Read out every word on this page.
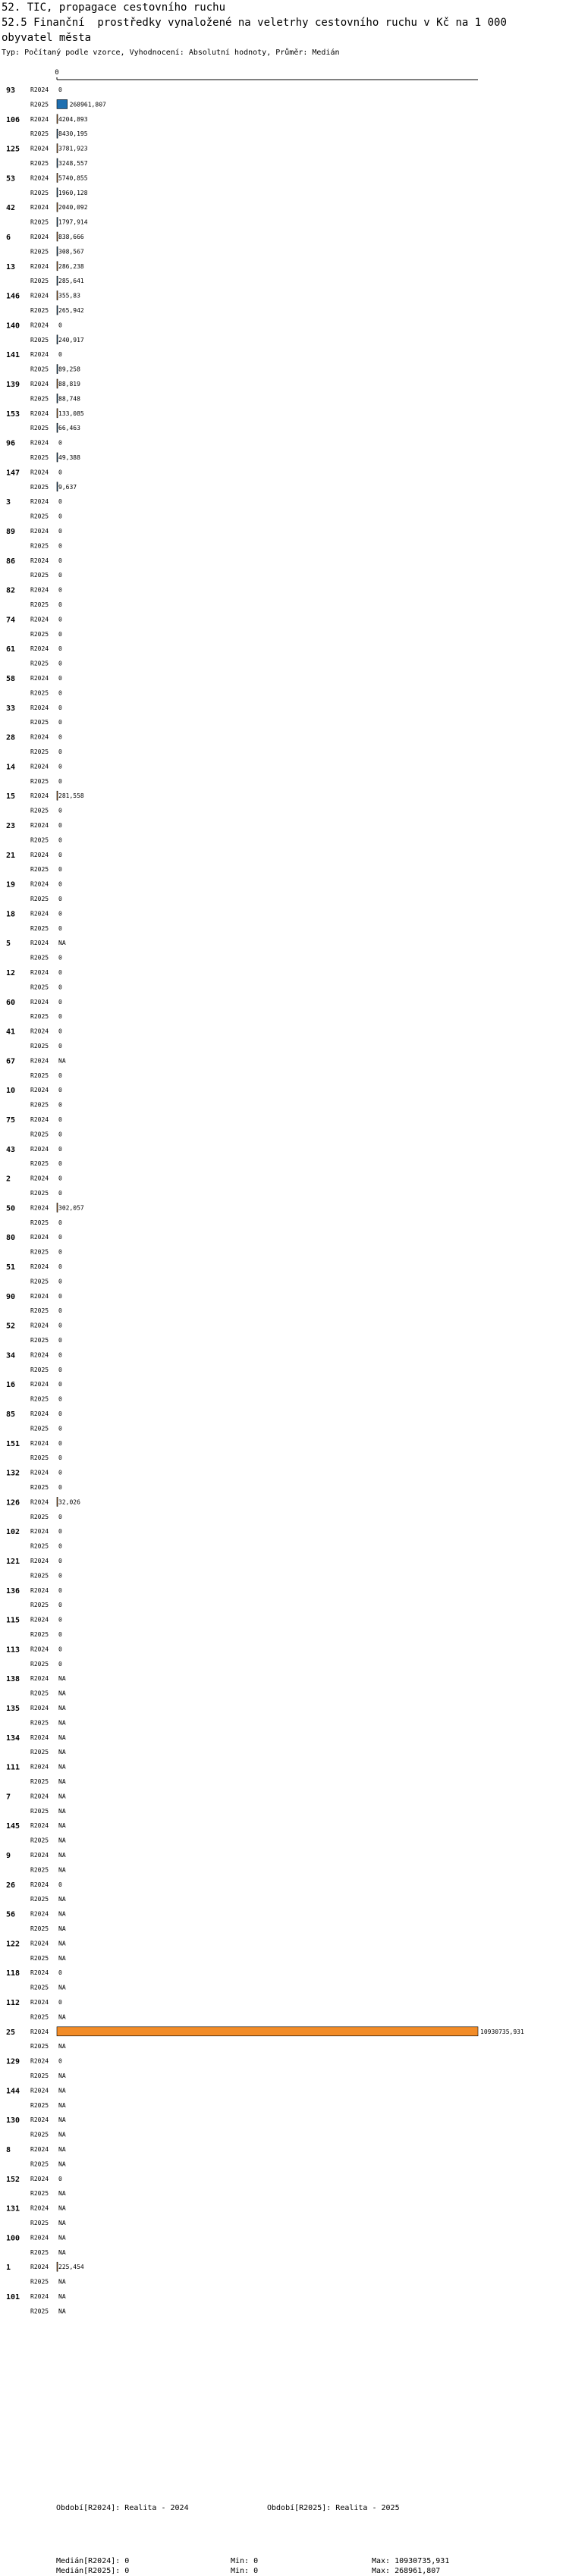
52. TIC, propagace cestovního ruchu
52.5 Finanční  prostředky vynaložené na veletrhy cestovního ruchu v Kč na 1 000 obyvatel města
Typ: Počítaný podle vzorce, Vyhodnocení: Absolutní hodnoty, Průměr: Medián
0
93 R2024 0
R2025	268961,807
106 R2024 4204,893
R2025 8430,195
125 R2024 3781,923
R2025 3248,557
53 R2024 5740,855
R2025 1960,128
42 R2024 2040,092
R2025 1797,914
6	R2024 838,666
R2025 308,567
13 R2024 286,238
R2025 285,641
146 R2024 355,83
R2025 265,942
140 R2024 0
R2025 240,917
141 R2024 0
R2025 89,258
139 R2024 88,819
R2025 88,748
153 R2024 133,085
R2025 66,463
96 R2024 0
R2025 49,388
147 R2024 0
R2025 9,637
3	R2024 0
R2025 0
89 R2024 0
R2025 0
86 R2024 0
R2025 0
82 R2024 0
R2025 0
74 R2024 0
R2025 0
61 R2024 0
R2025 0
58 R2024 0
R2025 0
33 R2024 0
R2025 0
28 R2024 0
R2025 0
14 R2024 0
R2025 0
15 R2024 281,558
R2025 0
23 R2024 0
R2025 0
21 R2024 0
R2025 0
19 R2024 0
R2025 0
18 R2024 0
R2025 0
5	R2024 NA
R2025 0
12 R2024 0
R2025 0
60 R2024 0
R2025 0
41 R2024 0
R2025 0
67 R2024 NA
R2025 0
10 R2024 0
R2025 0
75 R2024 0
R2025 0
43 R2024 0
R2025 0
2	R2024 0
R2025 0
50 R2024 302,057
R2025 0
80 R2024 0
R2025 0
51 R2024 0
R2025 0
90 R2024 0
R2025 0
52 R2024 0
R2025 0
34 R2024 0
R2025 0
16 R2024 0
R2025 0
85 R2024 0
R2025 0
151 R2024 0
R2025 0
132 R2024 0
R2025 0
126 R2024 32,026
R2025 0
102 R2024 0
R2025 0
121 R2024 0
R2025 0
136 R2024 0
R2025 0
115 R2024 0
R2025 0
113 R2024 0
R2025 0
138 R2024 NA
R2025 NA
135 R2024 NA
R2025 NA
134 R2024 NA
R2025 NA
111 R2024 NA
R2025 NA
7	R2024 NA
R2025 NA
145 R2024 NA
R2025 NA
9	R2024 NA
R2025 NA
26 R2024 0
R2025 NA
56 R2024 NA
R2025 NA
122 R2024 NA
R2025 NA
118 R2024 0
R2025 NA
112 R2024 0
R2025 NA
25 R2024	10930735,931
R2025 NA
129 R2024 0
R2025 NA
144 R2024 NA
R2025 NA
130 R2024 NA
R2025 NA
8	R2024 NA
R2025 NA
152 R2024 0
R2025 NA
131 R2024 NA
R2025 NA
100 R2024 NA
R2025 NA
1	R2024 225,454
R2025 NA
101 R2024 NA
R2025 NA
Období[R2024]: Realita - 2024	Období[R2025]: Realita - 2025
Medián[R2024]: 0
Medián[R2025]: 0
Min: 0
Min: 0
Max: 10930735,931
Max: 268961,807
